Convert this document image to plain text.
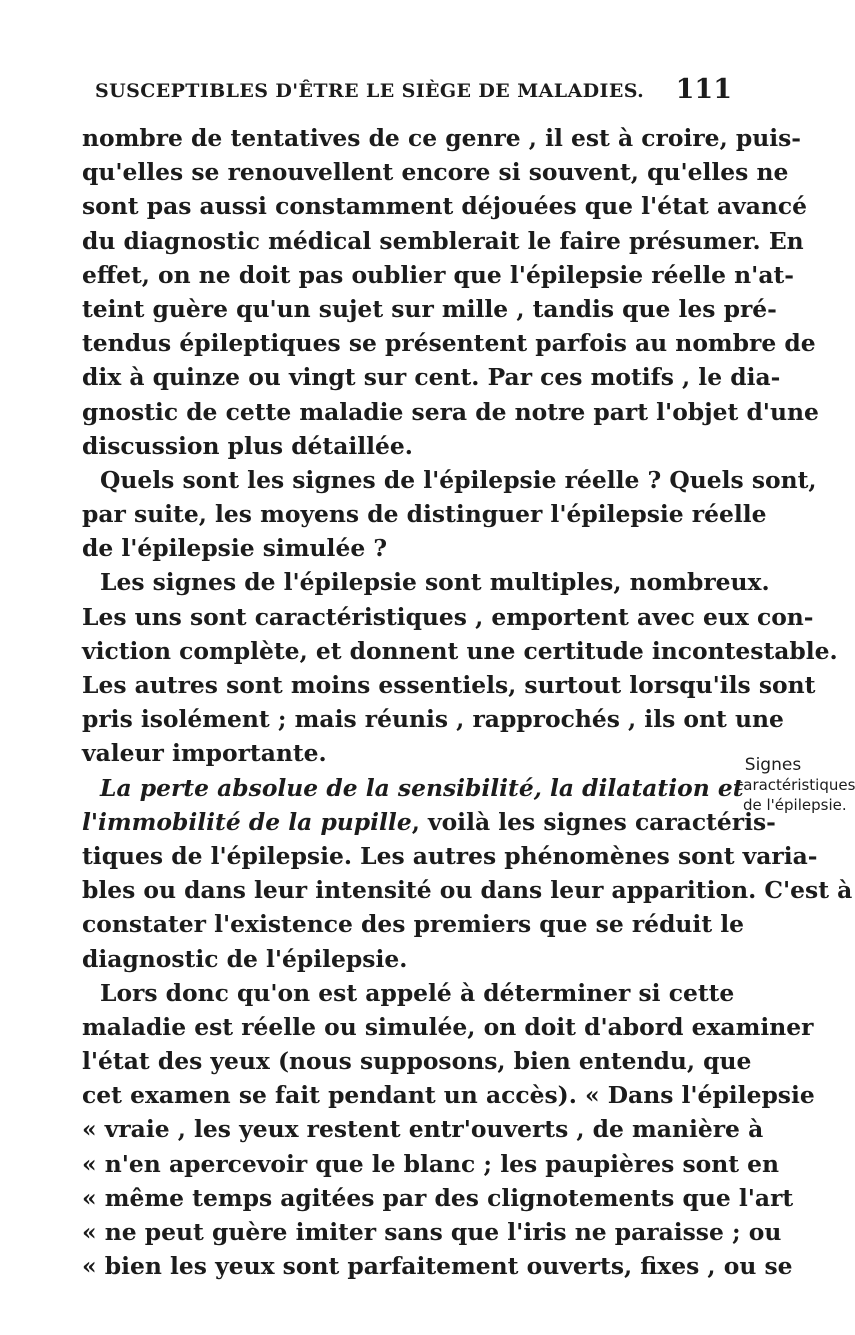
SUSCEPTIBLES D'ÊTRE LE SIÈGE DE MALADIES. 111
nombre de tentatives de ce genre , il est à croire, puis-
qu'elles se renouvellent encore si souvent, qu'elles ne
sont pas aussi constamment déjouées que l'état avancé
du diagnostic médical semblerait le faire présumer. En
effet, on ne doit pas oublier que l'épilepsie réelle n'at-
teint guère qu'un sujet sur mille , tandis que les pré-
tendus épileptiques se présentent parfois au nombre de
dix à quinze ou vingt sur cent. Par ces motifs , le dia-
gnostic de cette maladie sera de notre part l'objet d'une
discussion plus détaillée.
Quels sont les signes de l'épilepsie réelle ? Quels sont,
par suite, les moyens de distinguer l'épilepsie réelle
de l'épilepsie simulée ?
Les signes de l'épilepsie sont multiples, nombreux.
Les uns sont caractéristiques , emportent avec eux con-
viction complète, et donnent une certitude incontestable.
Les autres sont moins essentiels, surtout lorsqu'ils sont
pris isolément ; mais réunis , rapprochés , ils ont une
valeur importante.
La perte absolue de la sensibilité, la dilatation et
l'immobilité de la pupille, voilà les signes caractéris-
tiques de l'épilepsie. Les autres phénomènes sont varia-
bles ou dans leur intensité ou dans leur apparition. C'est à
constater l'existence des premiers que se réduit le
diagnostic de l'épilepsie.
Lors donc qu'on est appelé à déterminer si cette
maladie est réelle ou simulée, on doit d'abord examiner
l'état des yeux (nous supposons, bien entendu, que
cet examen se fait pendant un accès). « Dans l'épilepsie
« vraie , les yeux restent entr'ouverts , de manière à
« n'en apercevoir que le blanc ; les paupières sont en
« même temps agitées par des clignotements que l'art
« ne peut guère imiter sans que l'iris ne paraisse ; ou
« bien les yeux sont parfaitement ouverts, fixes , ou se
Signes
caractéristiques
de l'épilepsie.
